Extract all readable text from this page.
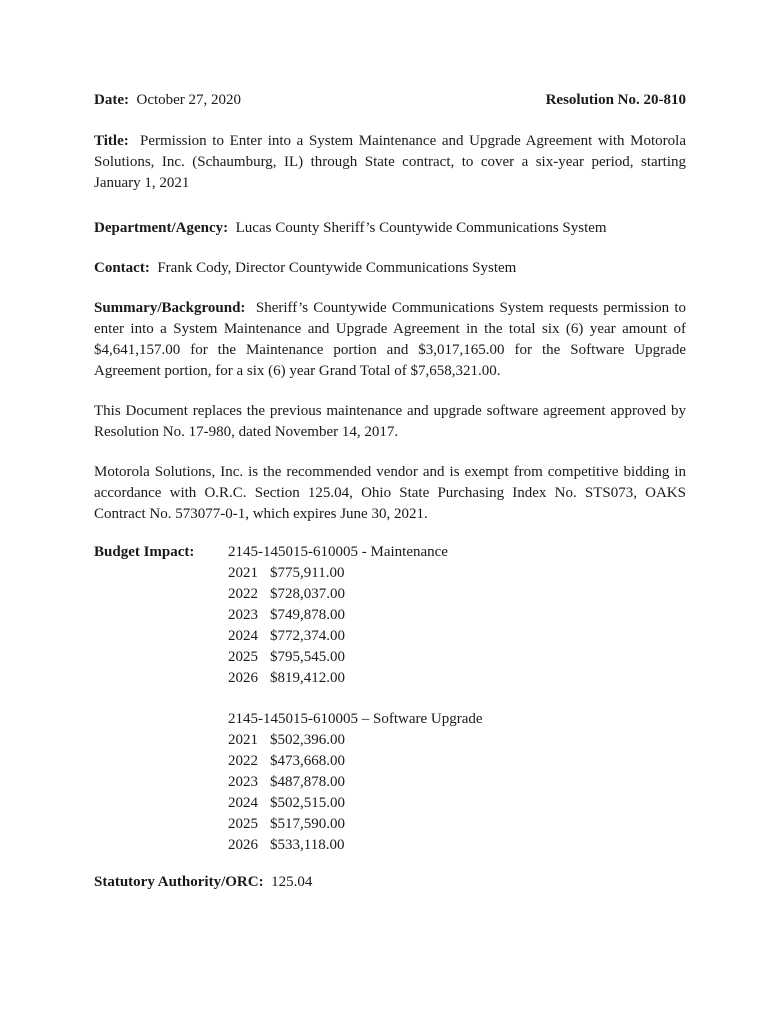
Date: October 27, 2020	Resolution No. 20-810

Title: Permission to Enter into a System Maintenance and Upgrade Agreement with Motorola Solutions, Inc. (Schaumburg, IL) through State contract, to cover a six-year period, starting January 1, 2021

Department/Agency: Lucas County Sheriff’s Countywide Communications System

Contact: Frank Cody, Director Countywide Communications System

Summary/Background: Sheriff’s Countywide Communications System requests permission to enter into a System Maintenance and Upgrade Agreement in the total six (6) year amount of $4,641,157.00 for the Maintenance portion and $3,017,165.00 for the Software Upgrade Agreement portion, for a six (6) year Grand Total of $7,658,321.00.

This Document replaces the previous maintenance and upgrade software agreement approved by Resolution No. 17-980, dated November 14, 2017.

Motorola Solutions, Inc. is the recommended vendor and is exempt from competitive bidding in accordance with O.R.C. Section 125.04, Ohio State Purchasing Index No. STS073, OAKS Contract No. 573077-0-1, which expires June 30, 2021.

Budget Impact: 2145-145015-610005 - Maintenance
2021 $775,911.00
2022 $728,037.00
2023 $749,878.00
2024 $772,374.00
2025 $795,545.00
2026 $819,412.00
2145-145015-610005 – Software Upgrade
2021 $502,396.00
2022 $473,668.00
2023 $487,878.00
2024 $502,515.00
2025 $517,590.00
2026 $533,118.00
Statutory Authority/ORC: 125.04
